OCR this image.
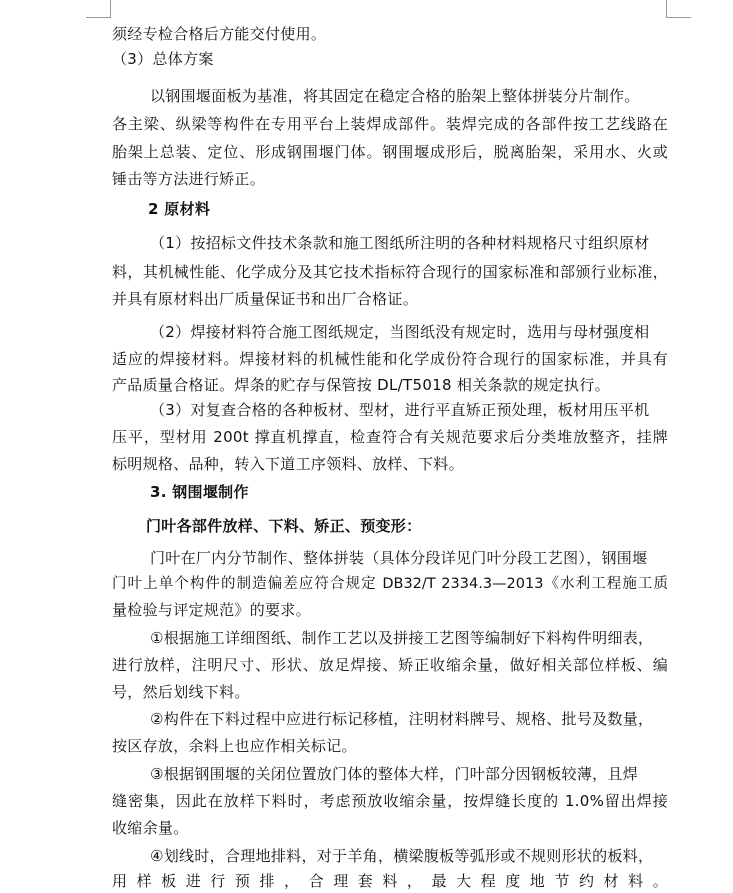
须经专检合格后方能交付使用。
（3）总体方案
以钢围堰面板为基准，将其固定在稳定合格的胎架上整体拼装分片制作。
各主梁、纵梁等构件在专用平台上装焊成部件。装焊完成的各部件按工艺线路在
胎架上总装、定位、形成钢围堰门体。钢围堰成形后，脱离胎架，采用水、火或
锤击等方法进行矫正。
2 原材料
（1）按招标文件技术条款和施工图纸所注明的各种材料规格尺寸组织原材
料，其机械性能、化学成分及其它技术指标符合现行的国家标准和部颁行业标准，
并具有原材料出厂质量保证书和出厂合格证。
（2）焊接材料符合施工图纸规定，当图纸没有规定时，选用与母材强度相
适应的焊接材料。焊接材料的机械性能和化学成份符合现行的国家标准，并具有
产品质量合格证。焊条的贮存与保管按 DL/T5018 相关条款的规定执行。
（3）对复查合格的各种板材、型材，进行平直矫正预处理，板材用压平机
压平，型材用 200t 撑直机撑直，检查符合有关规范要求后分类堆放整齐，挂牌
标明规格、品种，转入下道工序领料、放样、下料。
3. 钢围堰制作
门叶各部件放样、下料、矫正、预变形：
门叶在厂内分节制作、整体拼装（具体分段详见门叶分段工艺图），钢围堰
门叶上单个构件的制造偏差应符合规定 DB32/T 2334.3—2013《水利工程施工质
量检验与评定规范》的要求。
①根据施工详细图纸、制作工艺以及拼接工艺图等编制好下料构件明细表，
进行放样，注明尺寸、形状、放足焊接、矫正收缩余量，做好相关部位样板、编
号，然后划线下料。
②构件在下料过程中应进行标记移植，注明材料牌号、规格、批号及数量，
按区存放，余料上也应作相关标记。
③根据钢围堰的关闭位置放门体的整体大样，门叶部分因钢板较薄，且焊
缝密集，因此在放样下料时，考虑预放收缩余量，按焊缝长度的 1.0%留出焊接
收缩余量。
④划线时，合理地排料，对于羊角，横梁腹板等弧形或不规则形状的板料，
用样板进行预排，合理套料，最大程度地节约材料。
